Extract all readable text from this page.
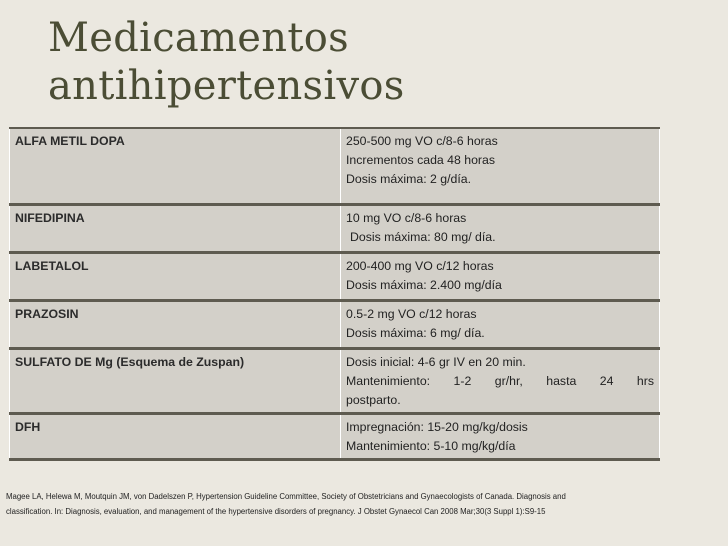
Medicamentos
antihipertensivos
ALFA METIL DOPA	250-500 mg VO c/8-6 horas
Incrementos cada 48 horas
Dosis máxima: 2 g/día.

NIFEDIPINA	10 mg VO c/8-6 horas
Dosis máxima: 80 mg/ día.

LABETALOL	200-400 mg VO c/12 horas
Dosis máxima: 2.400 mg/día

PRAZOSIN	0.5-2 mg VO c/12 horas
Dosis máxima: 6 mg/ día.

SULFATO DE Mg (Esquema de Zuspan)	Dosis inicial: 4-6 gr IV en 20 min.
Mantenimiento: 1-2 gr/hr, hasta 24 hrs
postparto.

DFH	Impregnación: 15-20 mg/kg/dosis
Mantenimiento: 5-10 mg/kg/día
Magee LA, Helewa M, Moutquin JM, von Dadelszen P, Hypertension Guideline Committee, Society of Obstetricians and Gynaecologists of Canada. Diagnosis and
classification. In: Diagnosis, evaluation, and management of the hypertensive disorders of pregnancy. J Obstet Gynaecol Can 2008 Mar;30(3 Suppl 1):S9-15
